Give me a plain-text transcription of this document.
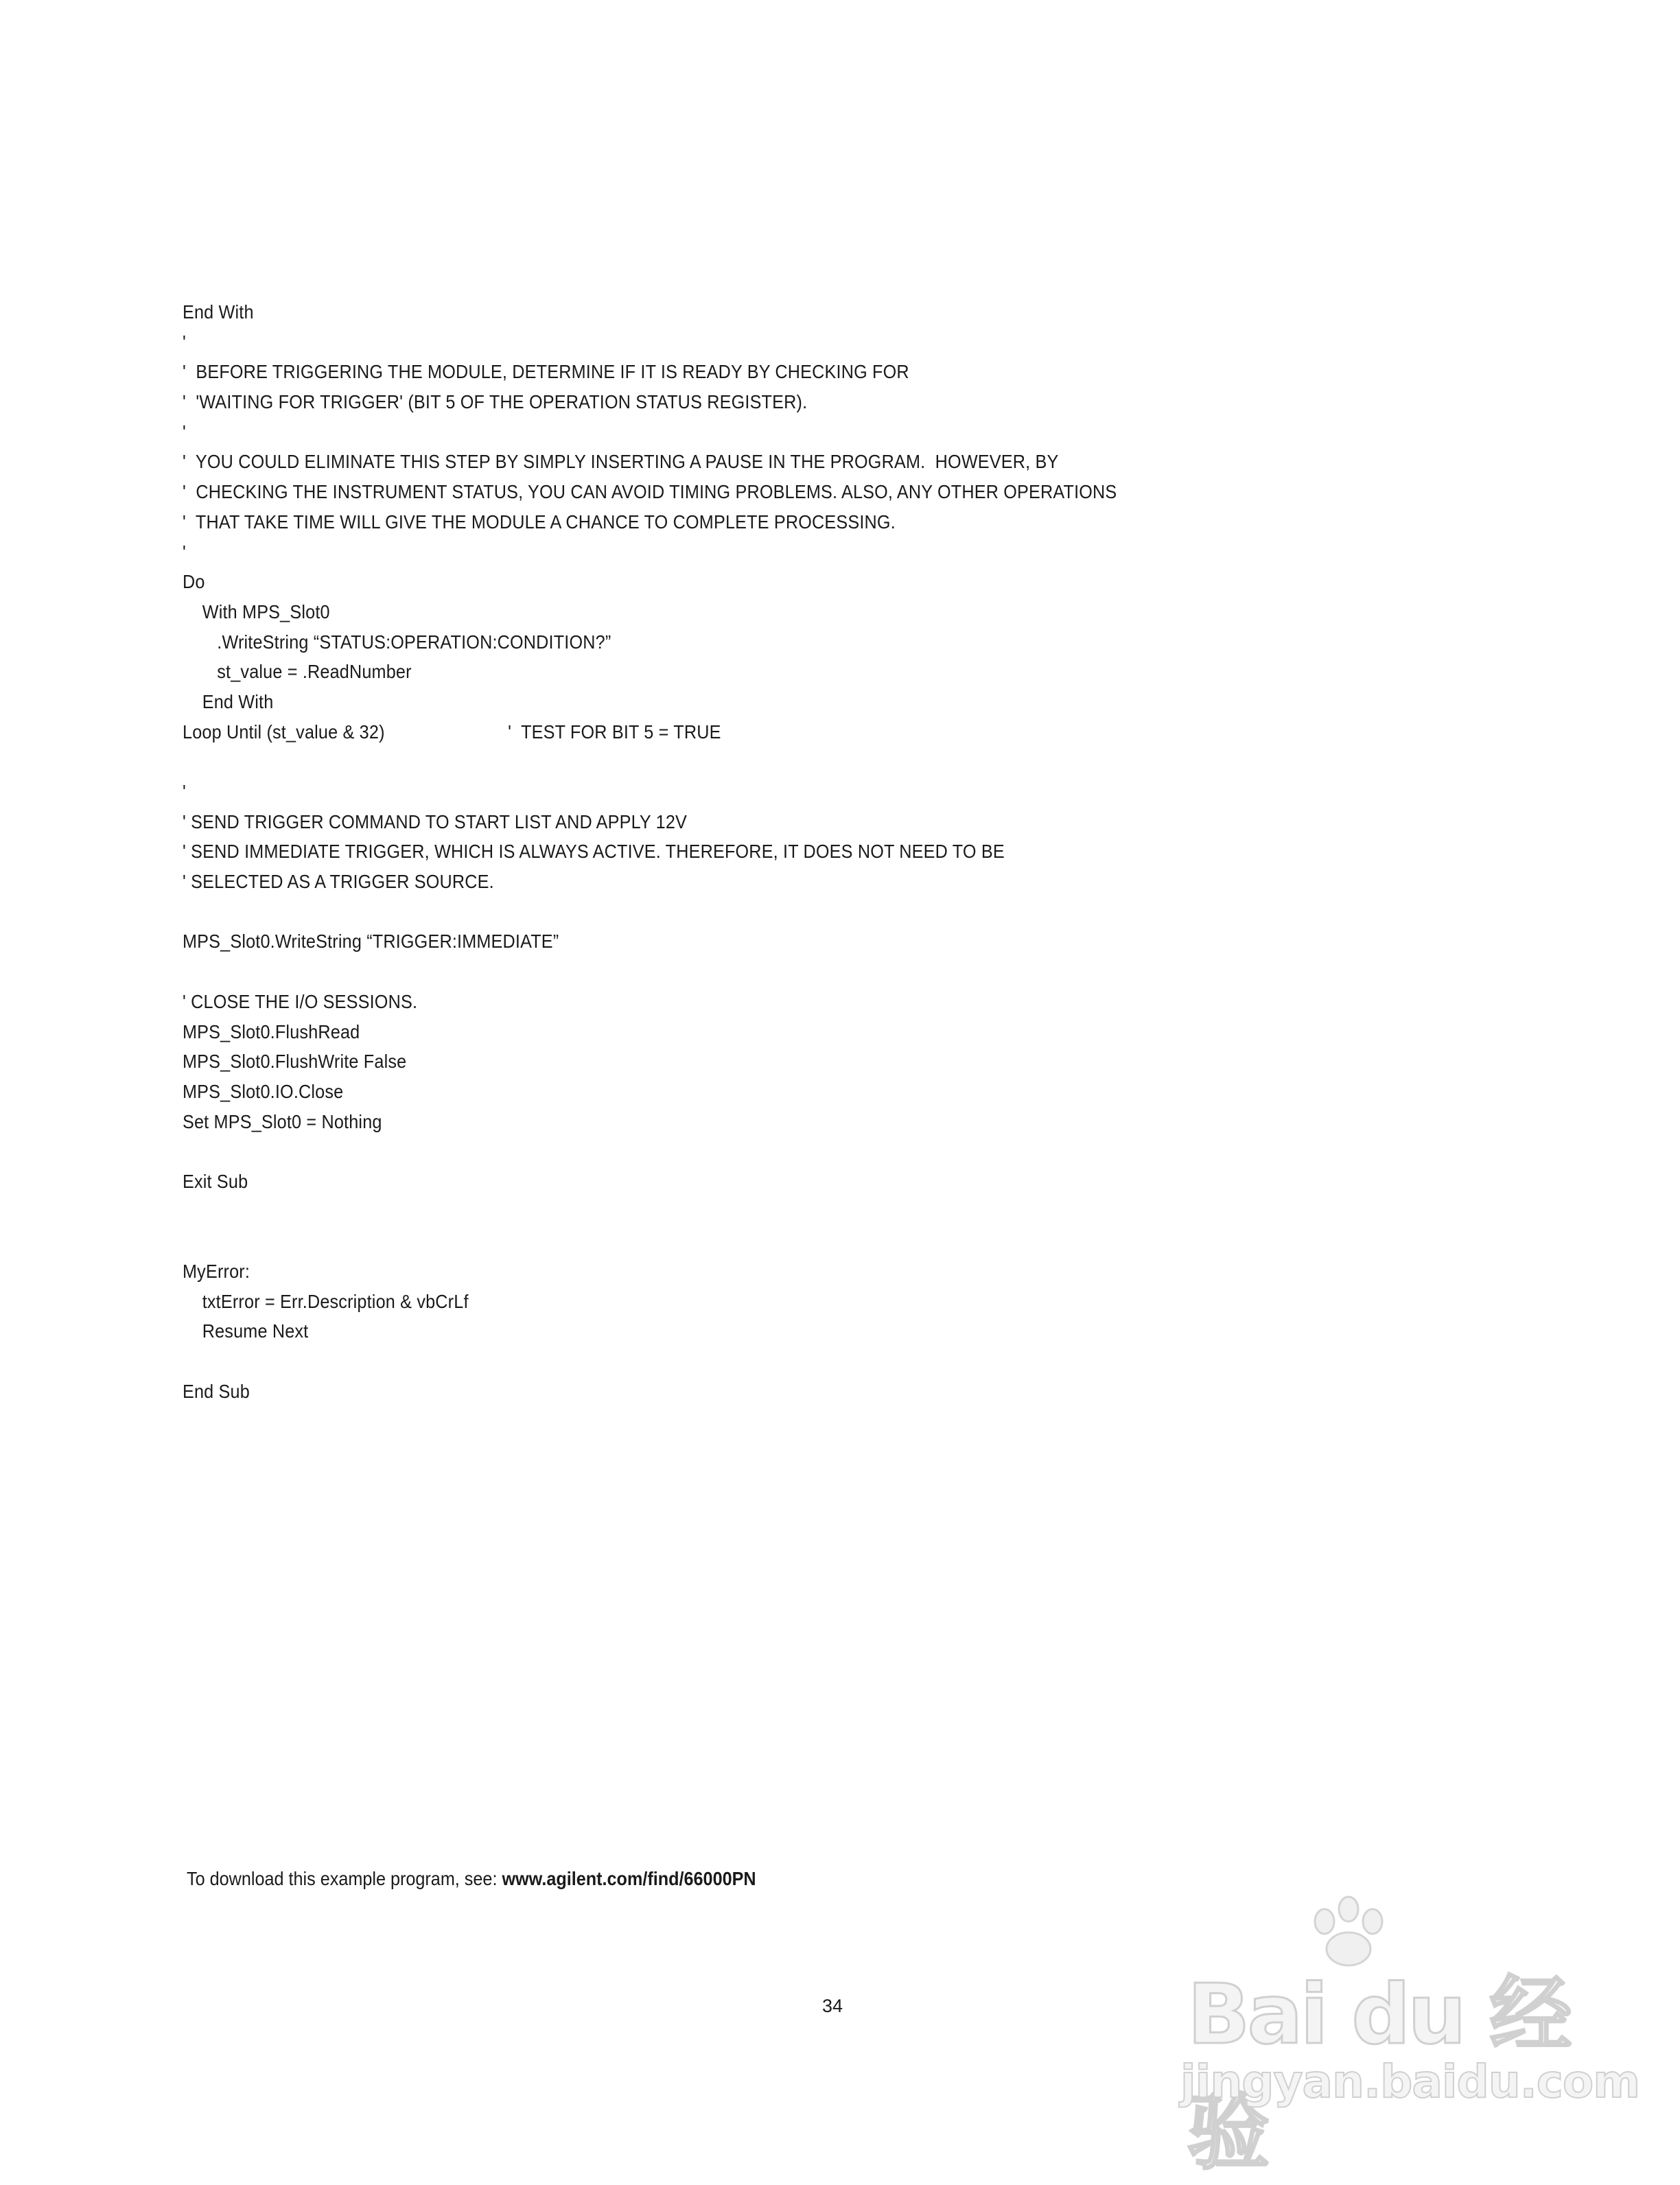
End With
'
'  BEFORE TRIGGERING THE MODULE, DETERMINE IF IT IS READY BY CHECKING FOR
'  'WAITING FOR TRIGGER' (BIT 5 OF THE OPERATION STATUS REGISTER).
'
'  YOU COULD ELIMINATE THIS STEP BY SIMPLY INSERTING A PAUSE IN THE PROGRAM.  HOWEVER, BY
'  CHECKING THE INSTRUMENT STATUS, YOU CAN AVOID TIMING PROBLEMS. ALSO, ANY OTHER OPERATIONS
'  THAT TAKE TIME WILL GIVE THE MODULE A CHANCE TO COMPLETE PROCESSING.
'
Do
With MPS_Slot0
.WriteString “STATUS:OPERATION:CONDITION?”
st_value = .ReadNumber
End With
Loop Until (st_value & 32)                         '  TEST FOR BIT 5 = TRUE
'
' SEND TRIGGER COMMAND TO START LIST AND APPLY 12V
' SEND IMMEDIATE TRIGGER, WHICH IS ALWAYS ACTIVE. THEREFORE, IT DOES NOT NEED TO BE
' SELECTED AS A TRIGGER SOURCE.
MPS_Slot0.WriteString “TRIGGER:IMMEDIATE”
' CLOSE THE I/O SESSIONS.
MPS_Slot0.FlushRead
MPS_Slot0.FlushWrite False
MPS_Slot0.IO.Close
Set MPS_Slot0 = Nothing
Exit Sub
MyError:
txtError = Err.Description & vbCrLf
Resume Next
End Sub
To download this example program, see: www.agilent.com/find/66000PN
34	Bai du 经验
jingyan.baidu.com
